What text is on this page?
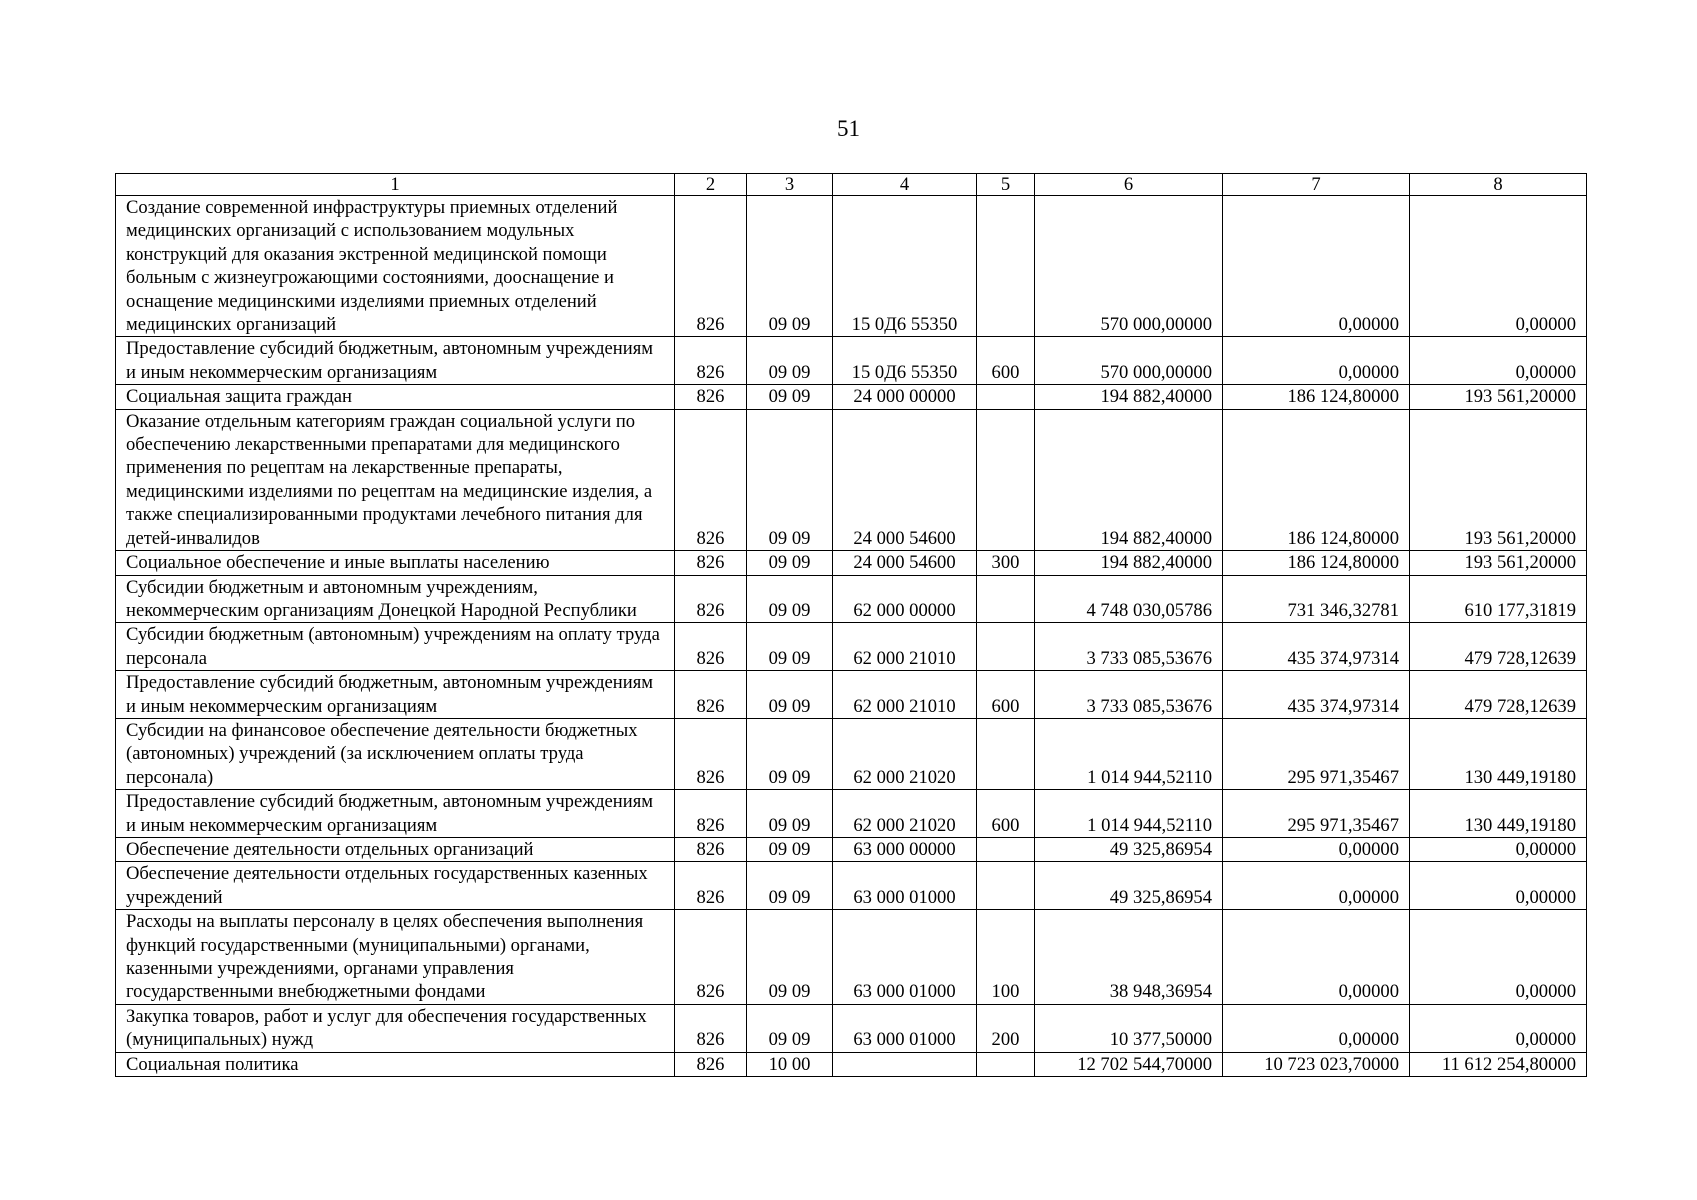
51
1	2	3	4	5	6	7	8
Создание современной инфраструктуры приемных отделений медицинских организаций с использованием модульных конструкций для оказания экстренной медицинской помощи больным с жизнеугрожающими состояниями, дооснащение и оснащение медицинскими изделиями приемных отделений медицинских организаций	826	09 09	15 0Д6 55350		570 000,00000	0,00000	0,00000
Предоставление субсидий бюджетным, автономным учреждениям и иным некоммерческим организациям	826	09 09	15 0Д6 55350	600	570 000,00000	0,00000	0,00000
Социальная защита граждан	826	09 09	24 000 00000		194 882,40000	186 124,80000	193 561,20000
Оказание отдельным категориям граждан социальной услуги по обеспечению лекарственными препаратами для медицинского применения по рецептам на лекарственные препараты, медицинскими изделиями по рецептам на медицинские изделия, а также специализированными продуктами лечебного питания для детей-инвалидов	826	09 09	24 000 54600		194 882,40000	186 124,80000	193 561,20000
Социальное обеспечение и иные выплаты населению	826	09 09	24 000 54600	300	194 882,40000	186 124,80000	193 561,20000
Субсидии бюджетным и автономным учреждениям, некоммерческим организациям Донецкой Народной Республики	826	09 09	62 000 00000		4 748 030,05786	731 346,32781	610 177,31819
Субсидии бюджетным (автономным) учреждениям на оплату труда персонала	826	09 09	62 000 21010		3 733 085,53676	435 374,97314	479 728,12639
Предоставление субсидий бюджетным, автономным учреждениям и иным некоммерческим организациям	826	09 09	62 000 21010	600	3 733 085,53676	435 374,97314	479 728,12639
Субсидии на финансовое обеспечение деятельности бюджетных (автономных) учреждений (за исключением оплаты труда персонала)	826	09 09	62 000 21020		1 014 944,52110	295 971,35467	130 449,19180
Предоставление субсидий бюджетным, автономным учреждениям и иным некоммерческим организациям	826	09 09	62 000 21020	600	1 014 944,52110	295 971,35467	130 449,19180
Обеспечение деятельности отдельных организаций	826	09 09	63 000 00000		49 325,86954	0,00000	0,00000
Обеспечение деятельности отдельных государственных казенных учреждений	826	09 09	63 000 01000		49 325,86954	0,00000	0,00000
Расходы на выплаты персоналу в целях обеспечения выполнения функций государственными (муниципальными) органами, казенными учреждениями, органами управления государственными внебюджетными фондами	826	09 09	63 000 01000	100	38 948,36954	0,00000	0,00000
Закупка товаров, работ и услуг для обеспечения государственных (муниципальных) нужд	826	09 09	63 000 01000	200	10 377,50000	0,00000	0,00000
Социальная политика	826	10 00			12 702 544,70000	10 723 023,70000	11 612 254,80000
